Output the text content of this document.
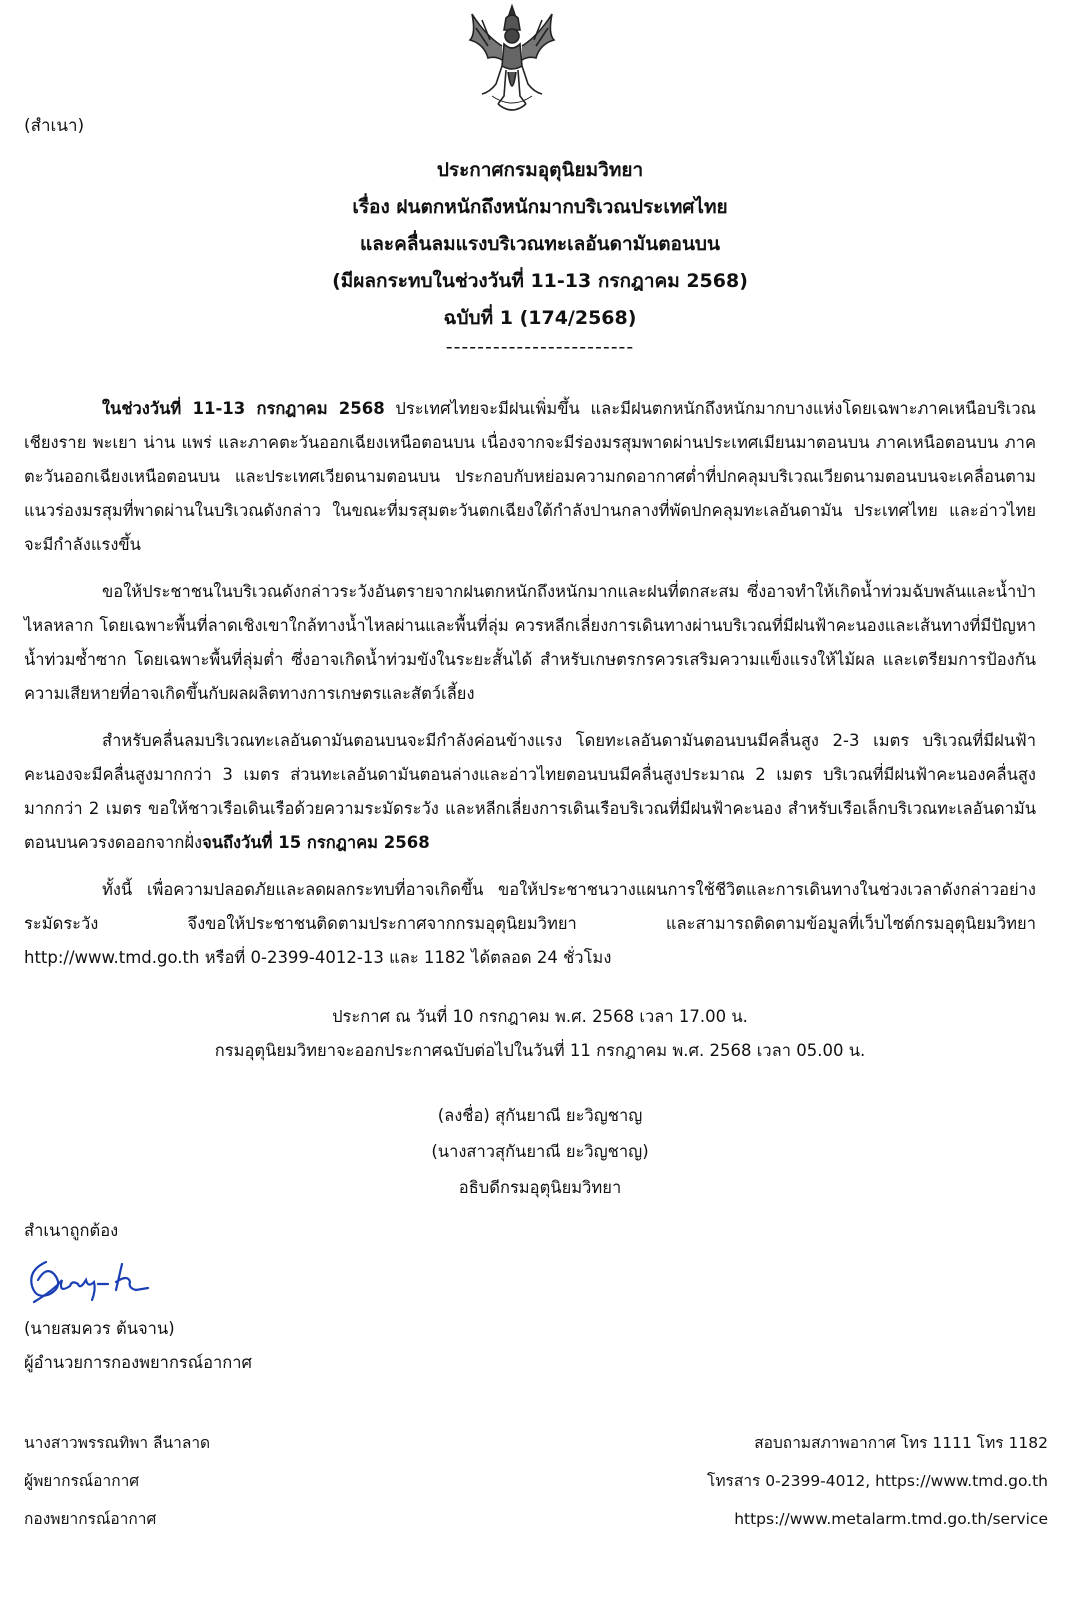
(สำเนา)
ประกาศกรมอุตุนิยมวิทยา
เรื่อง ฝนตกหนักถึงหนักมากบริเวณประเทศไทย
และคลื่นลมแรงบริเวณทะเลอันดามันตอนบน
(มีผลกระทบในช่วงวันที่ 11-13 กรกฎาคม 2568)
ฉบับที่ 1 (174/2568)
------------------------

ในช่วงวันที่ 11-13 กรกฎาคม 2568 ประเทศไทยจะมีฝนเพิ่มขึ้น และมีฝนตกหนักถึงหนักมากบางแห่งโดยเฉพาะภาคเหนือบริเวณเชียงราย พะเยา น่าน แพร่ และภาคตะวันออกเฉียงเหนือตอนบน เนื่องจากจะมีร่องมรสุมพาดผ่านประเทศเมียนมาตอนบน ภาคเหนือตอนบน ภาคตะวันออกเฉียงเหนือตอนบน และประเทศเวียดนามตอนบน ประกอบกับหย่อมความกดอากาศต่ำที่ปกคลุมบริเวณเวียดนามตอนบนจะเคลื่อนตามแนวร่องมรสุมที่พาดผ่านในบริเวณดังกล่าว ในขณะที่มรสุมตะวันตกเฉียงใต้กำลังปานกลางที่พัดปกคลุมทะเลอันดามัน ประเทศไทย และอ่าวไทยจะมีกำลังแรงขึ้น

ขอให้ประชาชนในบริเวณดังกล่าวระวังอันตรายจากฝนตกหนักถึงหนักมากและฝนที่ตกสะสม ซึ่งอาจทำให้เกิดน้ำท่วมฉับพลันและน้ำป่าไหลหลาก โดยเฉพาะพื้นที่ลาดเชิงเขาใกล้ทางน้ำไหลผ่านและพื้นที่ลุ่ม ควรหลีกเลี่ยงการเดินทางผ่านบริเวณที่มีฝนฟ้าคะนองและเส้นทางที่มีปัญหาน้ำท่วมซ้ำซาก โดยเฉพาะพื้นที่ลุ่มต่ำ ซึ่งอาจเกิดน้ำท่วมขังในระยะสั้นได้ สำหรับเกษตรกรควรเสริมความแข็งแรงให้ไม้ผล และเตรียมการป้องกันความเสียหายที่อาจเกิดขึ้นกับผลผลิตทางการเกษตรและสัตว์เลี้ยง

สำหรับคลื่นลมบริเวณทะเลอันดามันตอนบนจะมีกำลังค่อนข้างแรง โดยทะเลอันดามันตอนบนมีคลื่นสูง 2-3 เมตร บริเวณที่มีฝนฟ้าคะนองจะมีคลื่นสูงมากกว่า 3 เมตร ส่วนทะเลอันดามันตอนล่างและอ่าวไทยตอนบนมีคลื่นสูงประมาณ 2 เมตร บริเวณที่มีฝนฟ้าคะนองคลื่นสูงมากกว่า 2 เมตร ขอให้ชาวเรือเดินเรือด้วยความระมัดระวัง และหลีกเลี่ยงการเดินเรือบริเวณที่มีฝนฟ้าคะนอง สำหรับเรือเล็กบริเวณทะเลอันดามันตอนบนควรงดออกจากฝั่งจนถึงวันที่ 15 กรกฎาคม 2568

ทั้งนี้ เพื่อความปลอดภัยและลดผลกระทบที่อาจเกิดขึ้น ขอให้ประชาชนวางแผนการใช้ชีวิตและการเดินทางในช่วงเวลาดังกล่าวอย่างระมัดระวัง จึงขอให้ประชาชนติดตามประกาศจากกรมอุตุนิยมวิทยา และสามารถติดตามข้อมูลที่เว็บไซต์กรมอุตุนิยมวิทยา http://www.tmd.go.th หรือที่ 0-2399-4012-13 และ 1182 ได้ตลอด 24 ชั่วโมง

ประกาศ ณ วันที่ 10 กรกฎาคม พ.ศ. 2568 เวลา 17.00 น.
กรมอุตุนิยมวิทยาจะออกประกาศฉบับต่อไปในวันที่ 11 กรกฎาคม พ.ศ. 2568 เวลา 05.00 น.
(ลงชื่อ) สุกันยาณี ยะวิญชาญ
(นางสาวสุกันยาณี ยะวิญชาญ)
อธิบดีกรมอุตุนิยมวิทยา
สำเนาถูกต้อง
(นายสมควร ต้นจาน)
ผู้อำนวยการกองพยากรณ์อากาศ
นางสาวพรรณทิพา ลีนาลาด
ผู้พยากรณ์อากาศ
กองพยากรณ์อากาศ
สอบถามสภาพอากาศ โทร 1111 โทร 1182
โทรสาร 0-2399-4012, https://www.tmd.go.th
https://www.metalarm.tmd.go.th/service
